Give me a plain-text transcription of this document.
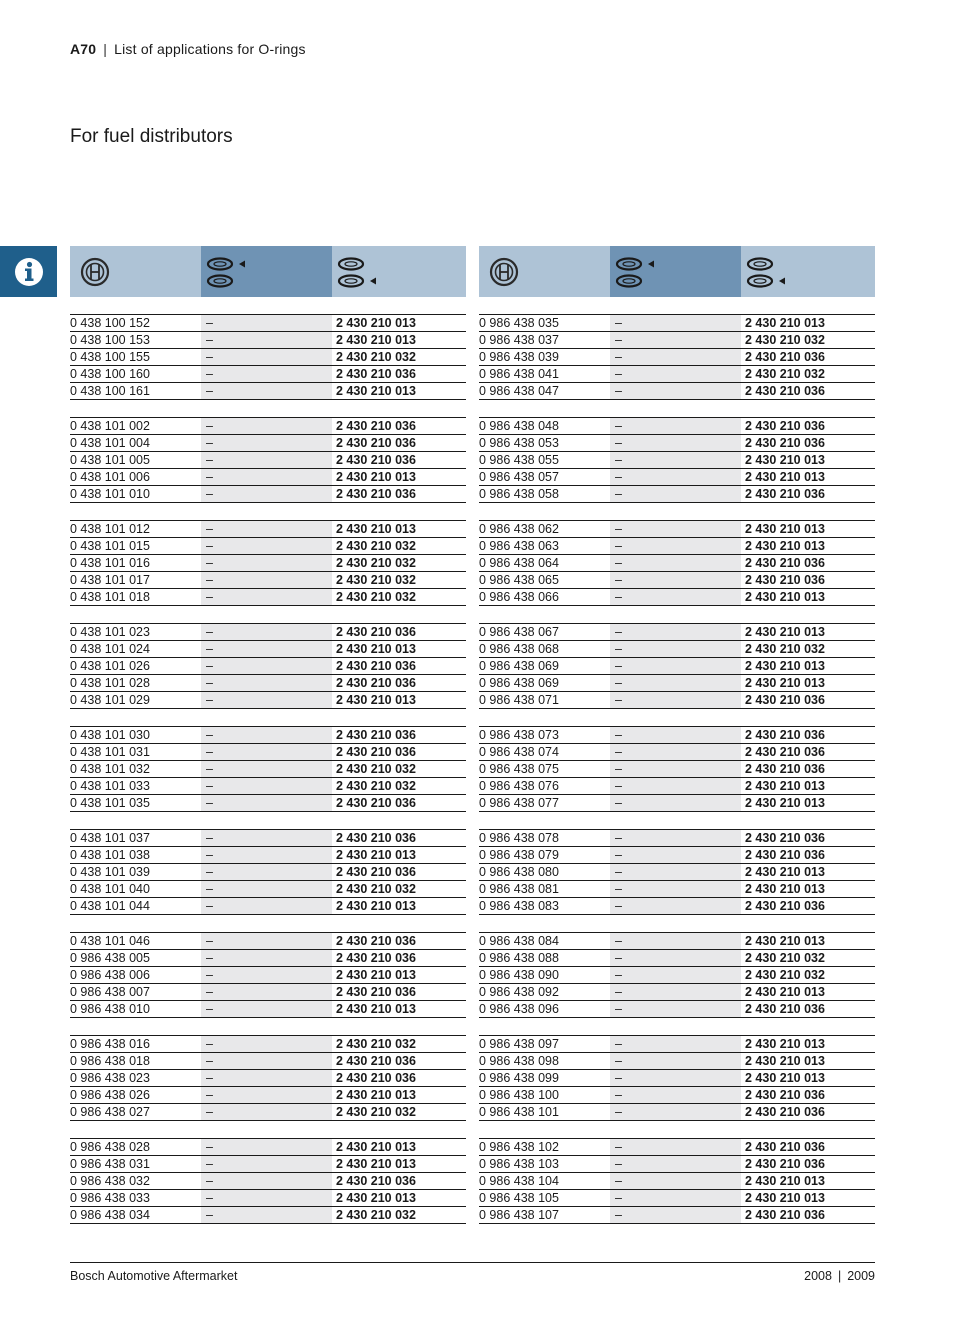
A70 | List of applications for O-rings
For fuel distributors
0 438 100 152	–	2 430 210 013
0 438 100 153	–	2 430 210 013
0 438 100 155	–	2 430 210 032
0 438 100 160	–	2 430 210 036
0 438 100 161	–	2 430 210 013
0 438 101 002	–	2 430 210 036
0 438 101 004	–	2 430 210 036
0 438 101 005	–	2 430 210 036
0 438 101 006	–	2 430 210 013
0 438 101 010	–	2 430 210 036
0 438 101 012	–	2 430 210 013
0 438 101 015	–	2 430 210 032
0 438 101 016	–	2 430 210 032
0 438 101 017	–	2 430 210 032
0 438 101 018	–	2 430 210 032
0 438 101 023	–	2 430 210 036
0 438 101 024	–	2 430 210 013
0 438 101 026	–	2 430 210 036
0 438 101 028	–	2 430 210 036
0 438 101 029	–	2 430 210 013
0 438 101 030	–	2 430 210 036
0 438 101 031	–	2 430 210 036
0 438 101 032	–	2 430 210 032
0 438 101 033	–	2 430 210 032
0 438 101 035	–	2 430 210 036
0 438 101 037	–	2 430 210 036
0 438 101 038	–	2 430 210 013
0 438 101 039	–	2 430 210 036
0 438 101 040	–	2 430 210 032
0 438 101 044	–	2 430 210 013
0 438 101 046	–	2 430 210 036
0 986 438 005	–	2 430 210 036
0 986 438 006	–	2 430 210 013
0 986 438 007	–	2 430 210 036
0 986 438 010	–	2 430 210 013
0 986 438 016	–	2 430 210 032
0 986 438 018	–	2 430 210 036
0 986 438 023	–	2 430 210 036
0 986 438 026	–	2 430 210 013
0 986 438 027	–	2 430 210 032
0 986 438 028	–	2 430 210 013
0 986 438 031	–	2 430 210 013
0 986 438 032	–	2 430 210 036
0 986 438 033	–	2 430 210 013
0 986 438 034	–	2 430 210 032
0 986 438 035	–	2 430 210 013
0 986 438 037	–	2 430 210 032
0 986 438 039	–	2 430 210 036
0 986 438 041	–	2 430 210 032
0 986 438 047	–	2 430 210 036
0 986 438 048	–	2 430 210 036
0 986 438 053	–	2 430 210 036
0 986 438 055	–	2 430 210 013
0 986 438 057	–	2 430 210 013
0 986 438 058	–	2 430 210 036
0 986 438 062	–	2 430 210 013
0 986 438 063	–	2 430 210 013
0 986 438 064	–	2 430 210 036
0 986 438 065	–	2 430 210 036
0 986 438 066	–	2 430 210 013
0 986 438 067	–	2 430 210 013
0 986 438 068	–	2 430 210 032
0 986 438 069	–	2 430 210 013
0 986 438 069	–	2 430 210 013
0 986 438 071	–	2 430 210 036
0 986 438 073	–	2 430 210 036
0 986 438 074	–	2 430 210 036
0 986 438 075	–	2 430 210 036
0 986 438 076	–	2 430 210 013
0 986 438 077	–	2 430 210 013
0 986 438 078	–	2 430 210 036
0 986 438 079	–	2 430 210 036
0 986 438 080	–	2 430 210 013
0 986 438 081	–	2 430 210 013
0 986 438 083	–	2 430 210 036
0 986 438 084	–	2 430 210 013
0 986 438 088	–	2 430 210 032
0 986 438 090	–	2 430 210 032
0 986 438 092	–	2 430 210 013
0 986 438 096	–	2 430 210 036
0 986 438 097	–	2 430 210 013
0 986 438 098	–	2 430 210 013
0 986 438 099	–	2 430 210 013
0 986 438 100	–	2 430 210 036
0 986 438 101	–	2 430 210 036
0 986 438 102	–	2 430 210 036
0 986 438 103	–	2 430 210 036
0 986 438 104	–	2 430 210 013
0 986 438 105	–	2 430 210 013
0 986 438 107	–	2 430 210 036
Bosch Automotive Aftermarket	2008 | 2009
